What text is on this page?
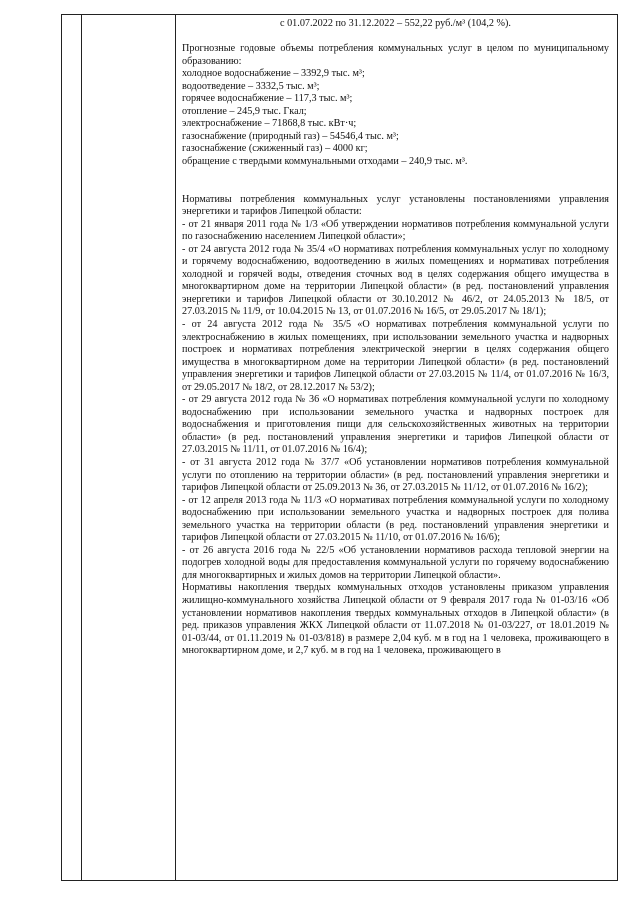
с 01.07.2022 по 31.12.2022 – 552,22 руб./м³ (104,2 %).

Прогнозные годовые объемы потребления коммунальных услуг в целом по муниципальному образованию:

холодное водоснабжение – 3392,9 тыс. м³;

водоотведение – 3332,5 тыс. м³;

горячее водоснабжение – 117,3 тыс. м³;

отопление – 245,9 тыс. Гкал;

электроснабжение – 71868,8 тыс. кВт·ч;

газоснабжение (природный газ) – 54546,4 тыс. м³;

газоснабжение (сжиженный газ) – 4000 кг;

обращение с твердыми коммунальными отходами – 240,9 тыс. м³.

Нормативы потребления коммунальных услуг установлены постановлениями управления энергетики и тарифов Липецкой области:

- от 21 января 2011 года № 1/3 «Об утверждении нормативов потребления коммунальной услуги по газоснабжению населением Липецкой области»;

- от 24 августа 2012 года № 35/4 «О нормативах потребления коммунальных услуг по холодному и горячему водоснабжению, водоотведению в жилых помещениях и нормативах потребления холодной и горячей воды, отведения сточных вод в целях содержания общего имущества в многоквартирном доме на территории Липецкой области» (в ред. постановлений управления энергетики и тарифов Липецкой области от 30.10.2012 № 46/2, от 24.05.2013 № 18/5, от 27.03.2015 № 11/9, от 10.04.2015 № 13, от 01.07.2016 № 16/5, от 29.05.2017 № 18/1);

- от 24 августа 2012 года № 35/5 «О нормативах потребления коммунальной услуги по электроснабжению в жилых помещениях, при использовании земельного участка и надворных построек и нормативах потребления электрической энергии в целях содержания общего имущества в многоквартирном доме на территории Липецкой области» (в ред. постановлений управления энергетики и тарифов Липецкой области от 27.03.2015 № 11/4, от 01.07.2016 № 16/3, от 29.05.2017 № 18/2, от 28.12.2017 № 53/2);

- от 29 августа 2012 года № 36 «О нормативах потребления коммунальной услуги по холодному водоснабжению при использовании земельного участка и надворных построек для водоснабжения и приготовления пищи для сельскохозяйственных животных на территории области» (в ред. постановлений управления энергетики и тарифов Липецкой области от 27.03.2015 № 11/11, от 01.07.2016 № 16/4);

- от 31 августа 2012 года № 37/7 «Об установлении нормативов потребления коммунальной услуги по отоплению на территории области» (в ред. постановлений управления энергетики и тарифов Липецкой области от 25.09.2013 № 36, от 27.03.2015 № 11/12, от 01.07.2016 № 16/2);

- от 12 апреля 2013 года № 11/3 «О нормативах потребления коммунальной услуги по холодному водоснабжению при использовании земельного участка и надворных построек для полива земельного участка на территории области (в ред. постановлений управления энергетики и тарифов Липецкой области от 27.03.2015 № 11/10, от 01.07.2016 № 16/6);

- от 26 августа 2016 года № 22/5 «Об установлении нормативов расхода тепловой энергии на подогрев холодной воды для предоставления коммунальной услуги по горячему водоснабжению для многоквартирных и жилых домов на территории Липецкой области».

Нормативы накопления твердых коммунальных отходов установлены приказом управления жилищно-коммунального хозяйства Липецкой области от 9 февраля 2017 года № 01-03/16 «Об установлении нормативов накопления твердых коммунальных отходов в Липецкой области» (в ред. приказов управления ЖКХ Липецкой области от 11.07.2018 № 01-03/227, от 18.01.2019 № 01-03/44, от 01.11.2019 № 01-03/818) в размере 2,04 куб. м в год на 1 человека, проживающего в многоквартирном доме, и 2,7 куб. м в год на 1 человека, проживающего в
